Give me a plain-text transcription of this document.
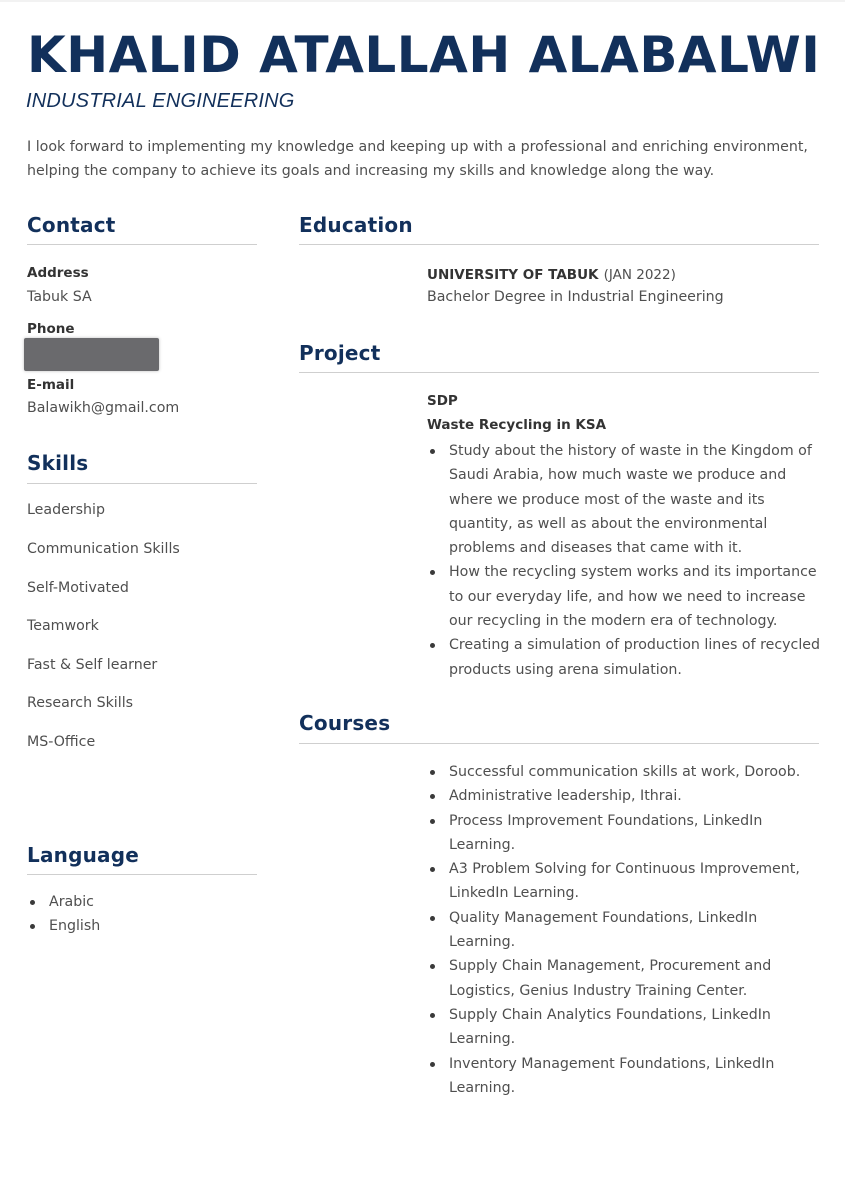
KHALID ATALLAH ALABALWI
INDUSTRIAL ENGINEERING
I look forward to implementing my knowledge and keeping up with a professional and enriching environment, helping the company to achieve its goals and increasing my skills and knowledge along the way.
Contact
Address
Tabuk SA
Phone
E-mail
Balawikh@gmail.com
Skills
Leadership
Communication Skills
Self-Motivated
Teamwork
Fast & Self learner
Research Skills
MS-Office
Language
Arabic
English
Education
UNIVERSITY OF TABUK (JAN 2022)
Bachelor Degree in Industrial Engineering
Project
SDP
Waste Recycling in KSA
Study about the history of waste in the Kingdom of Saudi Arabia, how much waste we produce and where we produce most of the waste and its quantity, as well as about the environmental problems and diseases that came with it.
How the recycling system works and its importance to our everyday life, and how we need to increase our recycling in the modern era of technology.
Creating a simulation of production lines of recycled products using arena simulation.
Courses
Successful communication skills at work, Doroob.
Administrative leadership, Ithrai.
Process Improvement Foundations, LinkedIn Learning.
A3 Problem Solving for Continuous Improvement, LinkedIn Learning.
Quality Management Foundations, LinkedIn Learning.
Supply Chain Management, Procurement and Logistics, Genius Industry Training Center.
Supply Chain Analytics Foundations, LinkedIn Learning.
Inventory Management Foundations, LinkedIn Learning.
